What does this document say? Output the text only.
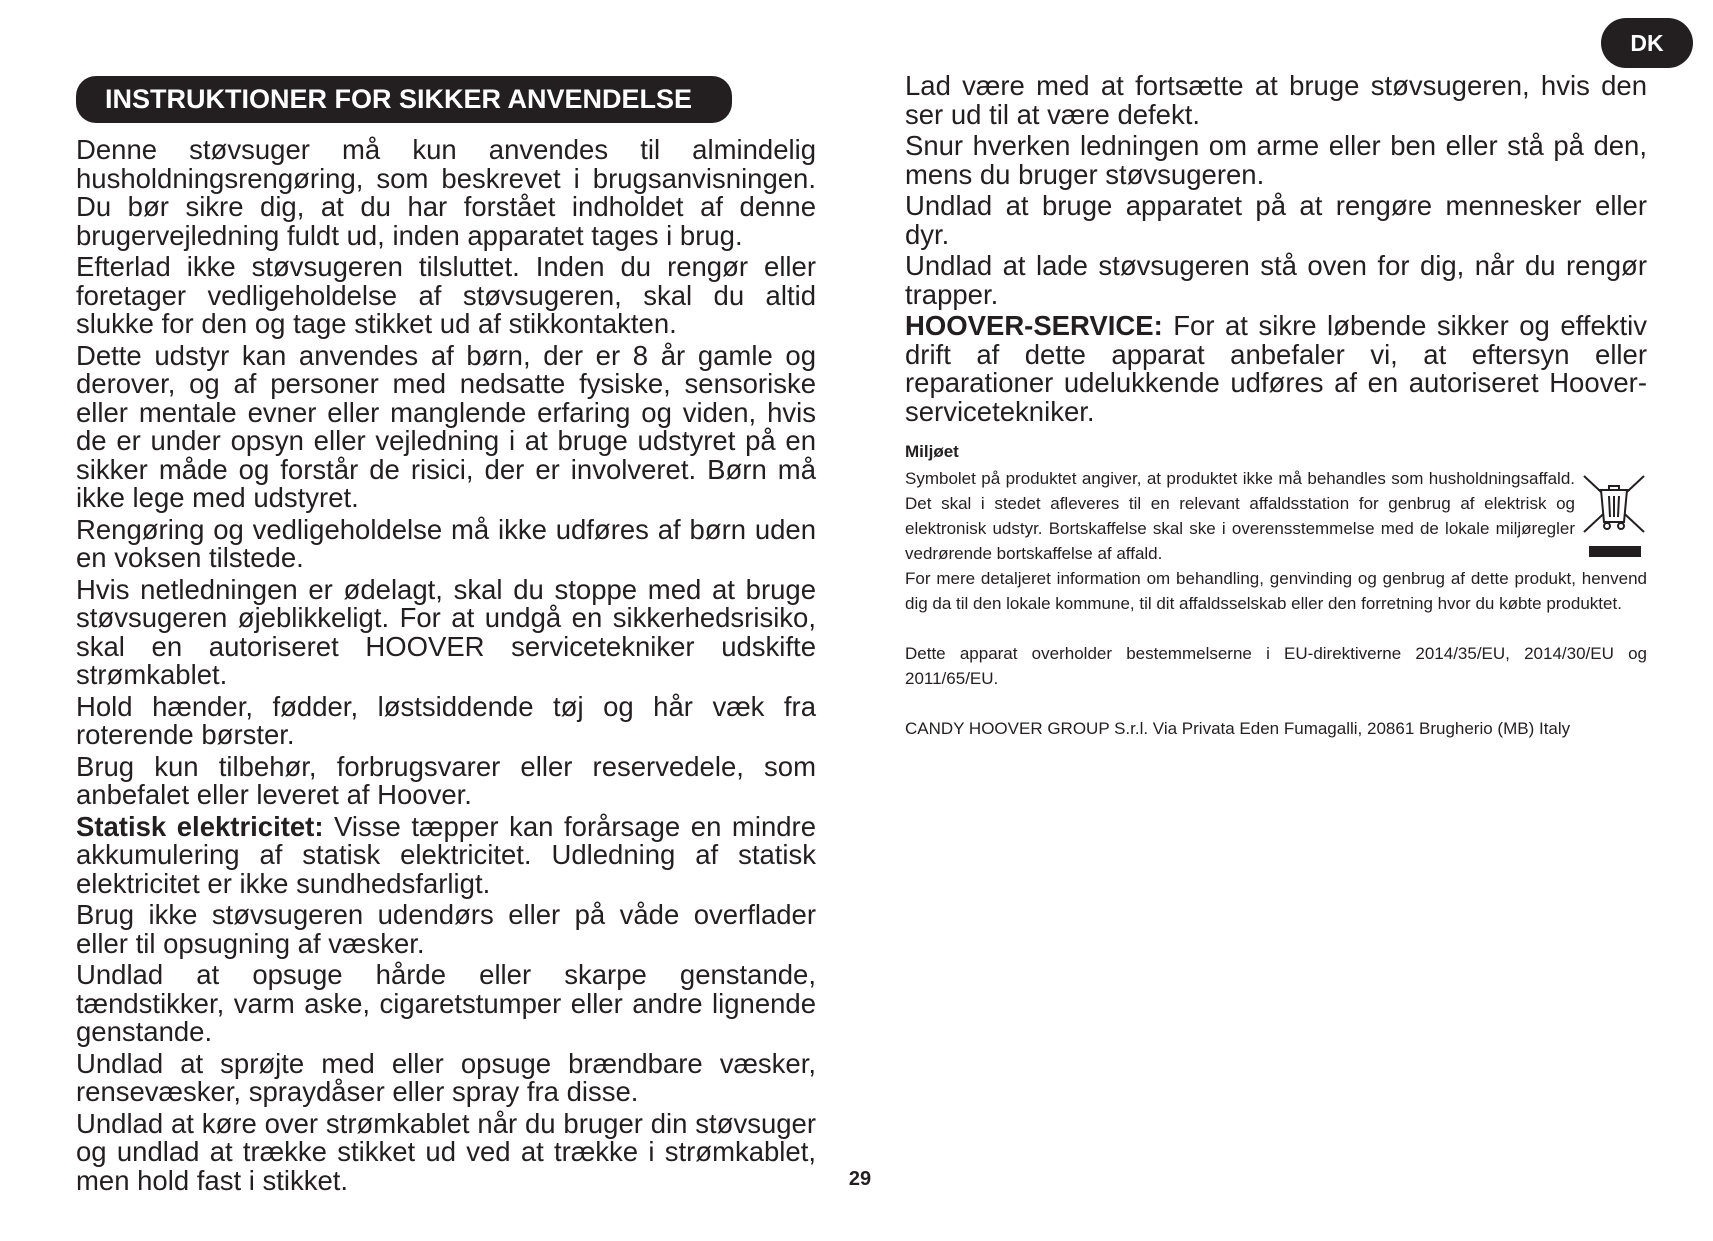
DK
INSTRUKTIONER FOR SIKKER ANVENDELSE

Denne støvsuger må kun anvendes til almindelig husholdningsrengøring, som beskrevet i brugsanvisningen. Du bør sikre dig, at du har forstået indholdet af denne brugervejledning fuldt ud, inden apparatet tages i brug.

Efterlad ikke støvsugeren tilsluttet. Inden du rengør eller foretager vedligeholdelse af støvsugeren, skal du altid slukke for den og tage stikket ud af stikkontakten.

Dette udstyr kan anvendes af børn, der er 8 år gamle og derover, og af personer med nedsatte fysiske, sensoriske eller mentale evner eller manglende erfaring og viden, hvis de er under opsyn eller vejledning i at bruge udstyret på en sikker måde og forstår de risici, der er involveret. Børn må ikke lege med udstyret.

Rengøring og vedligeholdelse må ikke udføres af børn uden en voksen tilstede.

Hvis netledningen er ødelagt, skal du stoppe med at bruge støvsugeren øjeblikkeligt. For at undgå en sikkerhedsrisiko, skal en autoriseret HOOVER servicetekniker udskifte strømkablet.

Hold hænder, fødder, løstsiddende tøj og hår væk fra roterende børster.

Brug kun tilbehør, forbrugsvarer eller reservedele, som anbefalet eller leveret af Hoover.

Statisk elektricitet: Visse tæpper kan forårsage en mindre akkumulering af statisk elektricitet. Udledning af statisk elektricitet er ikke sundhedsfarligt.

Brug ikke støvsugeren udendørs eller på våde overflader eller til opsugning af væsker.

Undlad at opsuge hårde eller skarpe genstande, tændstikker, varm aske, cigaretstumper eller andre lignende genstande.

Undlad at sprøjte med eller opsuge brændbare væsker, rensevæsker, spraydåser eller spray fra disse.

Undlad at køre over strømkablet når du bruger din støvsuger og undlad at trække stikket ud ved at trække i strømkablet, men hold fast i stikket.

Lad være med at fortsætte at bruge støvsugeren, hvis den ser ud til at være defekt.

Snur hverken ledningen om arme eller ben eller stå på den, mens du bruger støvsugeren.

Undlad at bruge apparatet på at rengøre mennesker eller dyr.

Undlad at lade støvsugeren stå oven for dig, når du rengør trapper.

HOOVER-SERVICE: For at sikre løbende sikker og effektiv drift af dette apparat anbefaler vi, at eftersyn eller reparationer udelukkende udføres af en autoriseret Hoover-servicetekniker.

Miljøet

Symbolet på produktet angiver, at produktet ikke må behandles som husholdningsaffald. Det skal i stedet afleveres til en relevant affaldsstation for genbrug af elektrisk og elektronisk udstyr. Bortskaffelse skal ske i overensstemmelse med de lokale miljøregler vedrørende bortskaffelse af affald.

For mere detaljeret information om behandling, genvinding og genbrug af dette produkt, henvend dig da til den lokale kommune, til dit affaldsselskab eller den forretning hvor du købte produktet.

Dette apparat overholder bestemmelserne i EU-direktiverne 2014/35/EU, 2014/30/EU og 2011/65/EU.

CANDY HOOVER GROUP S.r.l. Via Privata Eden Fumagalli, 20861 Brugherio (MB) Italy

29
